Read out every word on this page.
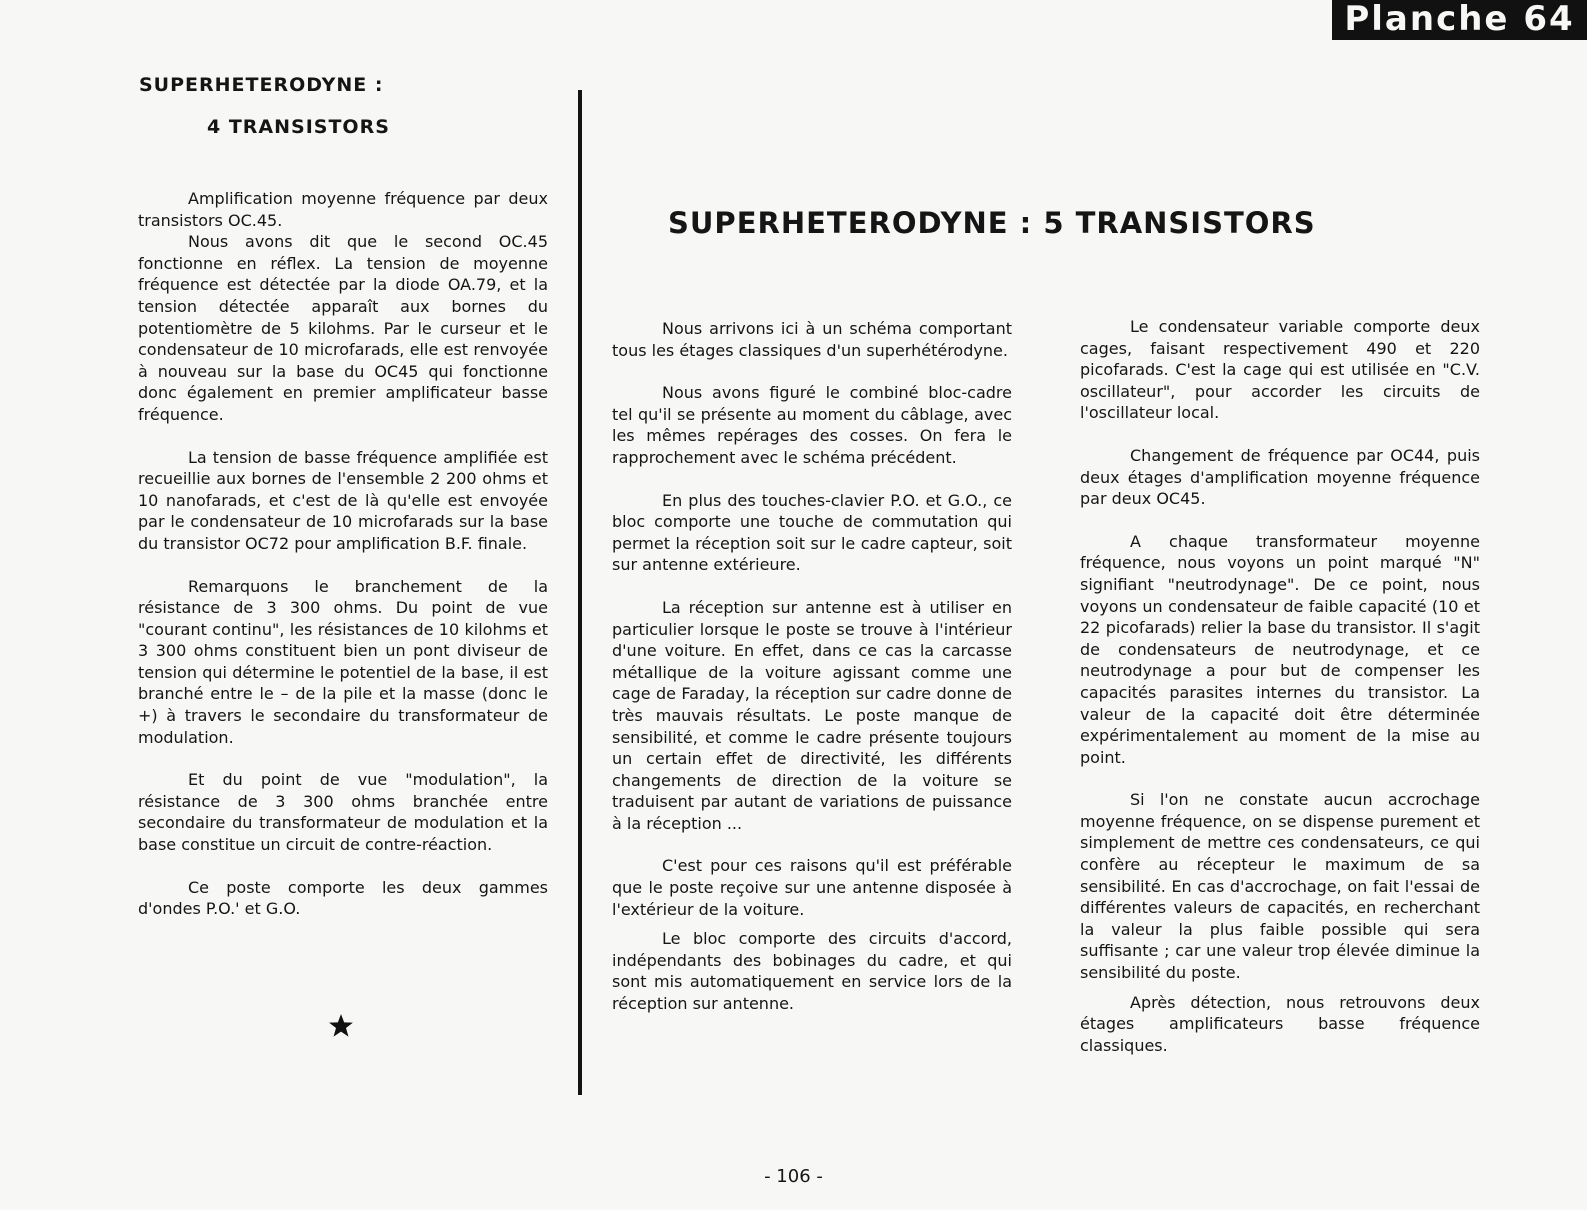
Planche 64
SUPERHETERODYNE :
4 TRANSISTORS

Amplification moyenne fréquence par deux transistors OC.45.

Nous avons dit que le second OC.45 fonctionne en réflex. La tension de moyenne fréquence est détectée par la diode OA.79, et la tension détectée apparaît aux bornes du potentiomètre de 5 kilohms. Par le curseur et le condensateur de 10 microfarads, elle est renvoyée à nouveau sur la base du OC45 qui fonctionne donc également en premier amplificateur basse fréquence.

La tension de basse fréquence amplifiée est recueillie aux bornes de l'ensemble 2 200 ohms et 10 nanofarads, et c'est de là qu'elle est envoyée par le condensateur de 10 microfarads sur la base du transistor OC72 pour amplification B.F. finale.

Remarquons le branchement de la résistance de 3 300 ohms. Du point de vue "courant continu", les résistances de 10 kilohms et 3 300 ohms constituent bien un pont diviseur de tension qui détermine le potentiel de la base, il est branché entre le – de la pile et la masse (donc le +) à travers le secondaire du transformateur de modulation.

Et du point de vue "modulation", la résistance de 3 300 ohms branchée entre secondaire du transformateur de modulation et la base constitue un circuit de contre-réaction.

Ce poste comporte les deux gammes d'ondes P.O.' et G.O.

SUPERHETERODYNE : 5 TRANSISTORS

Nous arrivons ici à un schéma comportant tous les étages classiques d'un superhétérodyne.

Nous avons figuré le combiné bloc-cadre tel qu'il se présente au moment du câblage, avec les mêmes repérages des cosses. On fera le rapprochement avec le schéma précédent.

En plus des touches-clavier P.O. et G.O., ce bloc comporte une touche de commutation qui permet la réception soit sur le cadre capteur, soit sur antenne extérieure.

La réception sur antenne est à utiliser en particulier lorsque le poste se trouve à l'intérieur d'une voiture. En effet, dans ce cas la carcasse métallique de la voiture agissant comme une cage de Faraday, la réception sur cadre donne de très mauvais résultats. Le poste manque de sensibilité, et comme le cadre présente toujours un certain effet de directivité, les différents changements de direction de la voiture se traduisent par autant de variations de puissance à la réception ...

C'est pour ces raisons qu'il est préférable que le poste reçoive sur une antenne disposée à l'extérieur de la voiture.

Le bloc comporte des circuits d'accord, indépendants des bobinages du cadre, et qui sont mis automatiquement en service lors de la réception sur antenne.

Le condensateur variable comporte deux cages, faisant respectivement 490 et 220 picofarads. C'est la cage qui est utilisée en "C.V. oscillateur", pour accorder les circuits de l'oscillateur local.

Changement de fréquence par OC44, puis deux étages d'amplification moyenne fréquence par deux OC45.

A chaque transformateur moyenne fréquence, nous voyons un point marqué "N" signifiant "neutrodynage". De ce point, nous voyons un condensateur de faible capacité (10 et 22 picofarads) relier la base du transistor. Il s'agit de condensateurs de neutrodynage, et ce neutrodynage a pour but de compenser les capacités parasites internes du transistor. La valeur de la capacité doit être déterminée expérimentalement au moment de la mise au point.

Si l'on ne constate aucun accrochage moyenne fréquence, on se dispense purement et simplement de mettre ces condensateurs, ce qui confère au récepteur le maximum de sa sensibilité. En cas d'accrochage, on fait l'essai de différentes valeurs de capacités, en recherchant la valeur la plus faible possible qui sera suffisante ; car une valeur trop élevée diminue la sensibilité du poste.

Après détection, nous retrouvons deux étages amplificateurs basse fréquence classiques.

- 106 -
